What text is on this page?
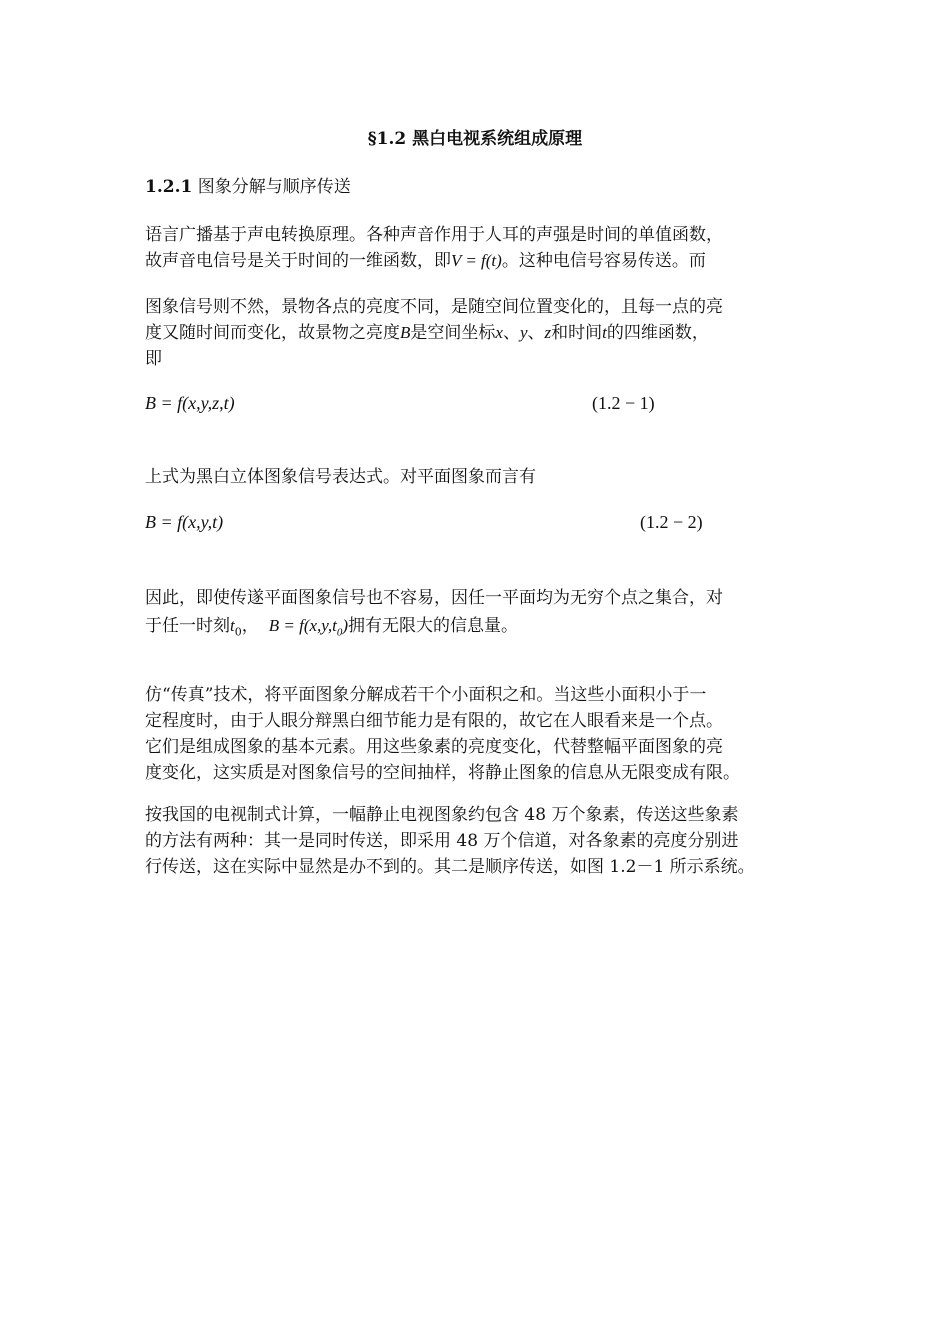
§1.2 黑白电视系统组成原理
1.2.1 图象分解与顺序传送
语言广播基于声电转换原理。各种声音作用于人耳的声强是时间的单值函数，
故声音电信号是关于时间的一维函数，即V = f(t)。这种电信号容易传送。而
图象信号则不然，景物各点的亮度不同，是随空间位置变化的，且每一点的亮
度又随时间而变化，故景物之亮度B是空间坐标x、y、z和时间t的四维函数，
即
B = f(x,y,z,t)	(1.2 − 1)
上式为黑白立体图象信号表达式。对平面图象而言有
B = f(x,y,t)	(1.2 − 2)
因此，即使传遂平面图象信号也不容易，因任一平面均为无穷个点之集合，对
于任一时刻$t_0$， $B = f(x,y,t_0)$拥有无限大的信息量。
仿“传真”技术，将平面图象分解成若干个小面积之和。当这些小面积小于一
定程度时，由于人眼分辩黑白细节能力是有限的，故它在人眼看来是一个点。
它们是组成图象的基本元素。用这些象素的亮度变化，代替整幅平面图象的亮
度变化，这实质是对图象信号的空间抽样，将静止图象的信息从无限变成有限。
按我国的电视制式计算，一幅静止电视图象约包含 48 万个象素，传送这些象素
的方法有两种：其一是同时传送，即采用 48 万个信道，对各象素的亮度分别进
行传送，这在实际中显然是办不到的。其二是顺序传送，如图 1.2－1 所示系统。
